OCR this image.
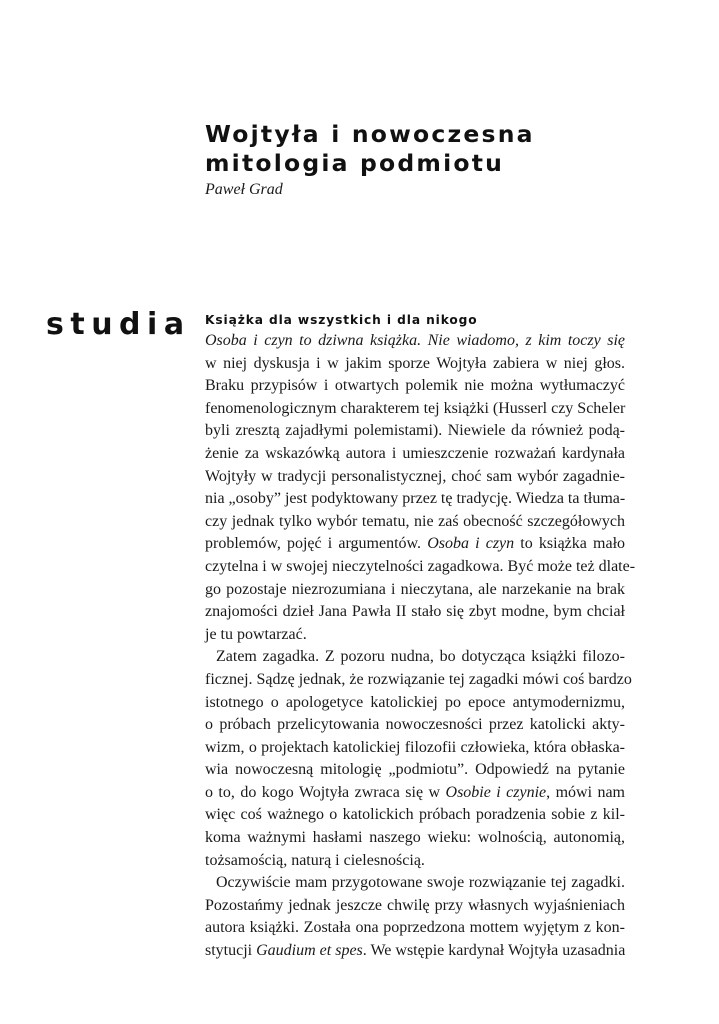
Wojtyła i nowoczesna
mitologia podmiotu
Paweł Grad
studia Książka dla wszystkich i dla nikogo
Osoba i czyn to dziwna książka. Nie wiadomo, z kim toczy się
w niej dyskusja i w jakim sporze Wojtyła zabiera w niej głos.
Braku przypisów i otwartych polemik nie można wytłumaczyć
fenomenologicznym charakterem tej książki (Husserl czy Scheler
byli zresztą zajadłymi polemistami). Niewiele da również podą-
żenie za wskazówką autora i umieszczenie rozważań kardynała
Wojtyły w tradycji personalistycznej, choć sam wybór zagadnie-
nia „osoby” jest podyktowany przez tę tradycję. Wiedza ta tłuma-
czy jednak tylko wybór tematu, nie zaś obecność szczegółowych
problemów, pojęć i argumentów. Osoba i czyn to książka mało
czytelna i w swojej nieczytelności zagadkowa. Być może też dlate-
go pozostaje niezrozumiana i nieczytana, ale narzekanie na brak
znajomości dzieł Jana Pawła II stało się zbyt modne, bym chciał
je tu powtarzać.
Zatem zagadka. Z pozoru nudna, bo dotycząca książki filozo-
ficznej. Sądzę jednak, że rozwiązanie tej zagadki mówi coś bardzo
istotnego o apologetyce katolickiej po epoce antymodernizmu,
o próbach przelicytowania nowoczesności przez katolicki akty-
wizm, o projektach katolickiej filozofii człowieka, która obłaska-
wia nowoczesną mitologię „podmiotu”. Odpowiedź na pytanie
o to, do kogo Wojtyła zwraca się w Osobie i czynie, mówi nam
więc coś ważnego o katolickich próbach poradzenia sobie z kil-
koma ważnymi hasłami naszego wieku: wolnością, autonomią,
tożsamością, naturą i cielesnością.
Oczywiście mam przygotowane swoje rozwiązanie tej zagadki.
Pozostańmy jednak jeszcze chwilę przy własnych wyjaśnieniach
autora książki. Została ona poprzedzona mottem wyjętym z kon-
stytucji Gaudium et spes. We wstępie kardynał Wojtyła uzasadnia
